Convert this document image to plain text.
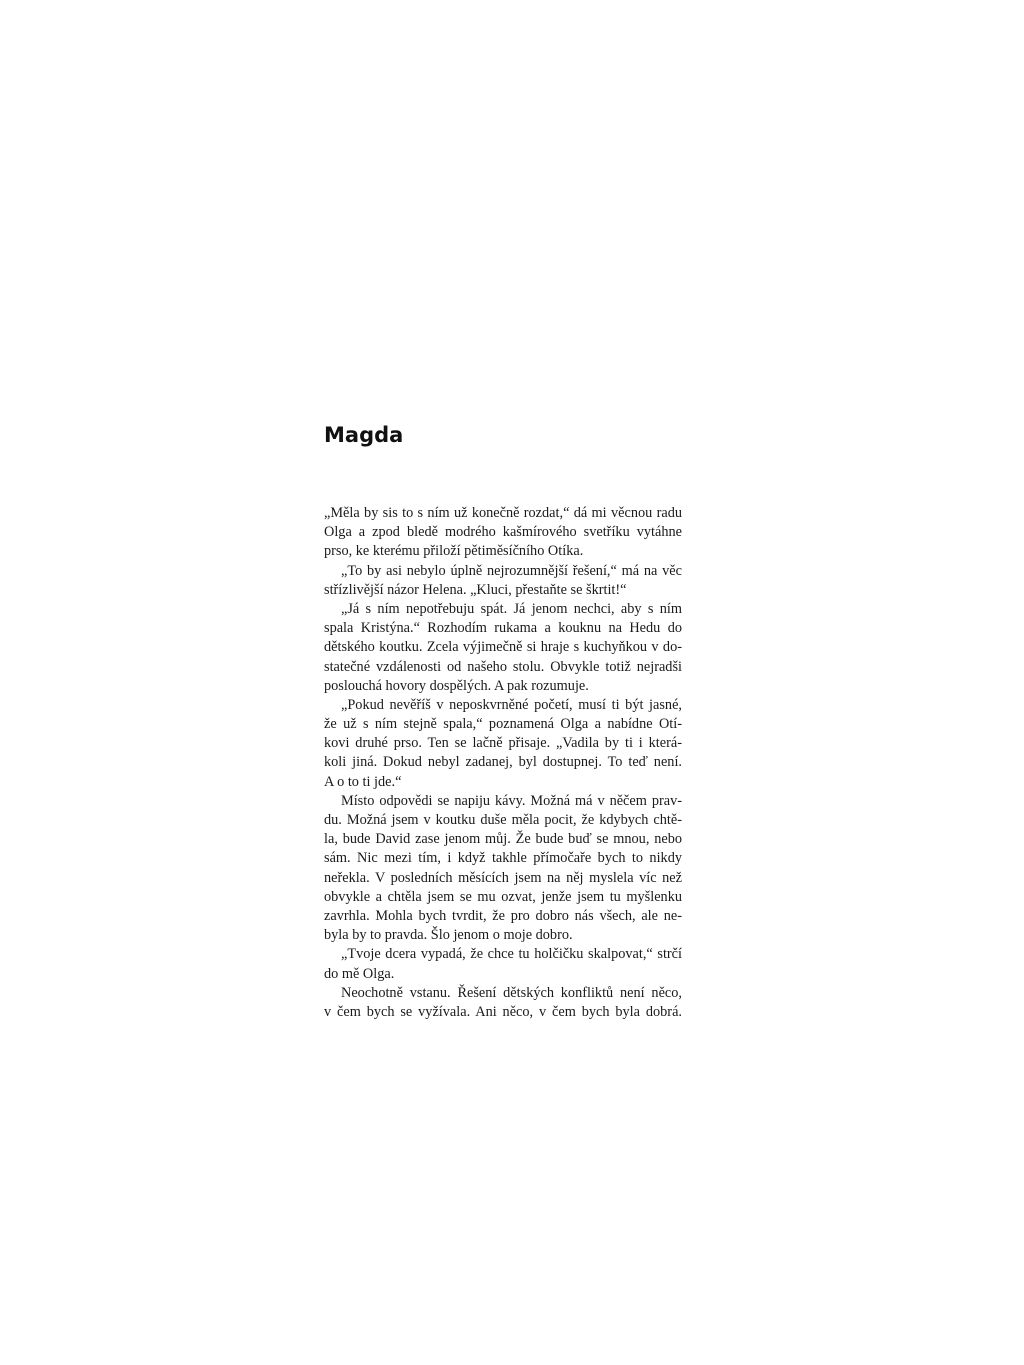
Magda
„Měla by sis to s ním už konečně rozdat,“ dá mi věcnou radu
Olga a zpod bledě modrého kašmírového svetříku vytáhne
prso, ke kterému přiloží pětiměsíčního Otíka.
„To by asi nebylo úplně nejrozumnější řešení,“ má na věc
střízlivější názor Helena. „Kluci, přestaňte se škrtit!“
„Já s ním nepotřebuju spát. Já jenom nechci, aby s ním
spala Kristýna.“ Rozhodím rukama a kouknu na Hedu do
dětského koutku. Zcela výjimečně si hraje s kuchyňkou v do-
statečné vzdálenosti od našeho stolu. Obvykle totiž nejradši
poslouchá hovory dospělých. A pak rozumuje.
„Pokud nevěříš v neposkvrněné početí, musí ti být jasné,
že už s ním stejně spala,“ poznamená Olga a nabídne Otí-
kovi druhé prso. Ten se lačně přisaje. „Vadila by ti i která-
koli jiná. Dokud nebyl zadanej, byl dostupnej. To teď není.
A o to ti jde.“
Místo odpovědi se napiju kávy. Možná má v něčem prav-
du. Možná jsem v koutku duše měla pocit, že kdybych chtě-
la, bude David zase jenom můj. Že bude buď se mnou, nebo
sám. Nic mezi tím, i když takhle přímočaře bych to nikdy
neřekla. V posledních měsících jsem na něj myslela víc než
obvykle a chtěla jsem se mu ozvat, jenže jsem tu myšlenku
zavrhla. Mohla bych tvrdit, že pro dobro nás všech, ale ne-
byla by to pravda. Šlo jenom o moje dobro.
„Tvoje dcera vypadá, že chce tu holčičku skalpovat,“ strčí
do mě Olga.
Neochotně vstanu. Řešení dětských konfliktů není něco,
v čem bych se vyžívala. Ani něco, v čem bych byla dobrá.
